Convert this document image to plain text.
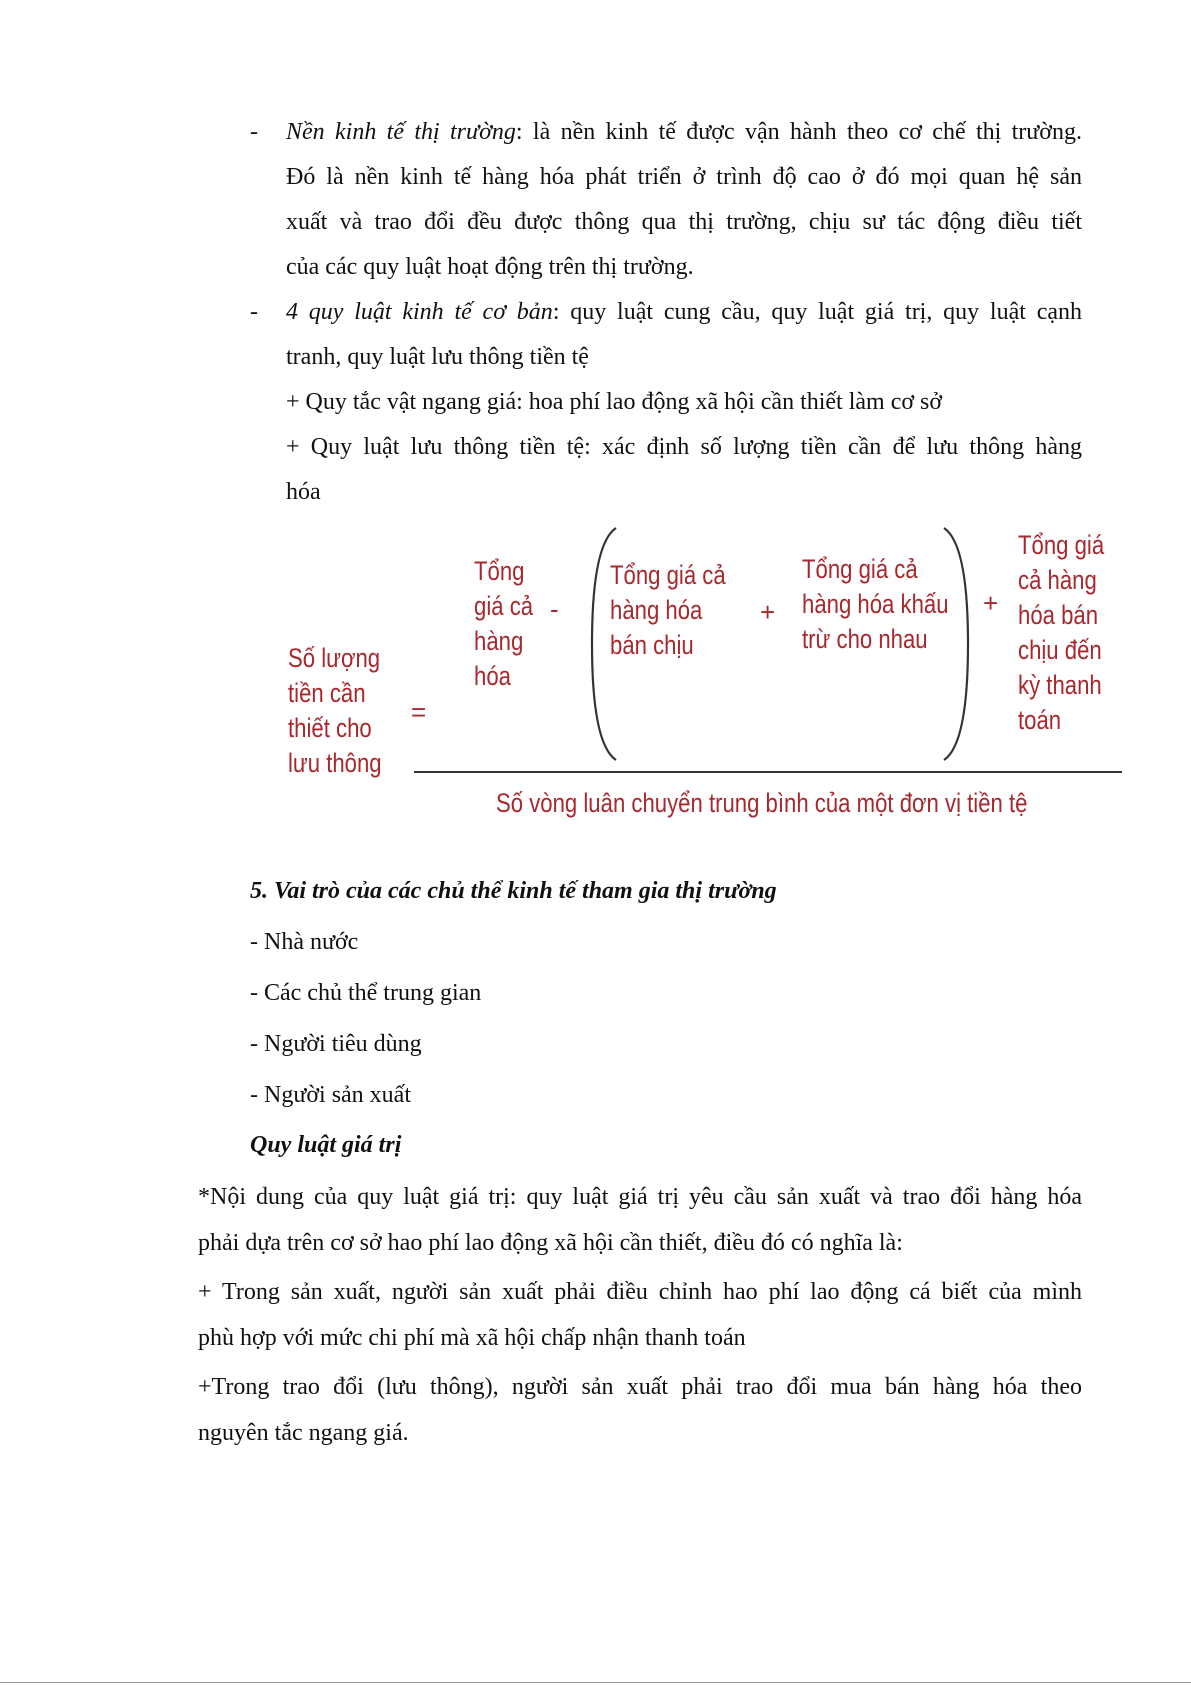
- Nền kinh tế thị trường: là nền kinh tế được vận hành theo cơ chế thị trường.
Đó là nền kinh tế hàng hóa phát triển ở trình độ cao ở đó mọi quan hệ sản
xuất và trao đổi đều được thông qua thị trường, chịu sư tác động điều tiết
của các quy luật hoạt động trên thị trường.
- 4 quy luật kinh tế cơ bản: quy luật cung cầu, quy luật giá trị, quy luật cạnh
tranh, quy luật lưu thông tiền tệ
+ Quy tắc vật ngang giá: hoa phí lao động xã hội cần thiết làm cơ sở
+ Quy luật lưu thông tiền tệ: xác định số lượng tiền cần để lưu thông hàng
hóa
Số lượng
tiền cần
thiết cho
lưu thông
=
Tổng
giá cả
hàng
hóa
-
Tổng giá cả
hàng hóa
bán chịu
+
Tổng giá cả
hàng hóa khấu
trừ cho nhau
+
Tổng giá
cả hàng
hóa bán
chịu đến
kỳ thanh
toán
Số vòng luân chuyển trung bình của một đơn vị tiền tệ
5. Vai trò của các chủ thể kinh tế tham gia thị trường
- Nhà nước
- Các chủ thể trung gian
- Người tiêu dùng
- Người sản xuất
Quy luật giá trị
*Nội dung của quy luật giá trị: quy luật giá trị yêu cầu sản xuất và trao đổi hàng hóa
phải dựa trên cơ sở hao phí lao động xã hội cần thiết, điều đó có nghĩa là:
+ Trong sản xuất, người sản xuất phải điều chỉnh hao phí lao động cá biết của mình
phù hợp với mức chi phí mà xã hội chấp nhận thanh toán
+Trong trao đổi (lưu thông), người sản xuất phải trao đổi mua bán hàng hóa theo
nguyên tắc ngang giá.
